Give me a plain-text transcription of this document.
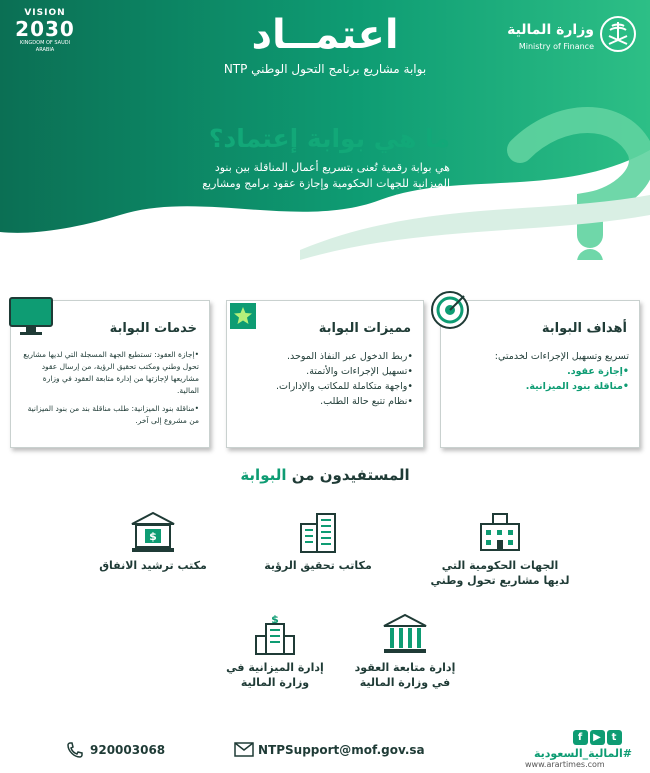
VISION
2030
KINGDOM OF SAUDI ARABIA
وزارة المالية
Ministry of Finance
اعتمــاد
بوابة مشاريع برنامج التحول الوطني NTP
ما هي بوابة إعتماد؟
هي بوابة رقمية تُعنى بتسريع أعمال المناقلة بين بنود الميزانية للجهات الحكومية وإجازة عقود برامج ومشاريع التحول الوطني.
أهداف البوابة
تسريع وتسهيل الإجراءات لخدمتي:
•إجازة عقود.
•مناقلة بنود الميزانية.
مميزات البوابة
•ربط الدخول عبر النفاذ الموحد.
•تسهيل الإجراءات والأتمتة.
•واجهة متكاملة للمكاتب والإدارات.
•نظام تتبع حالة الطلب.
خدمات البوابة
•إجازة العقود: تستطيع الجهة المسجلة التي لديها مشاريع تحول وطني ومكتب تحقيق الرؤية، من إرسال عقود مشاريعها لإجازتها من إدارة متابعة العقود في وزارة المالية.
•مناقلة بنود الميزانية: طلب مناقلة بند من بنود الميزانية من مشروع إلى آخر.
المستفيدون من البوابة
الجهات الحكومية التي لديها مشاريع تحول وطني
مكاتب تحقيق الرؤية
$
مكتب ترشيد الانفاق
إدارة متابعة العقود في وزارة المالية
$
إدارة الميزانية في وزارة المالية
920003068	NTPSupport@mof.gov.sa
t▶f
#المالية_السعودية
www.arartimes.com
